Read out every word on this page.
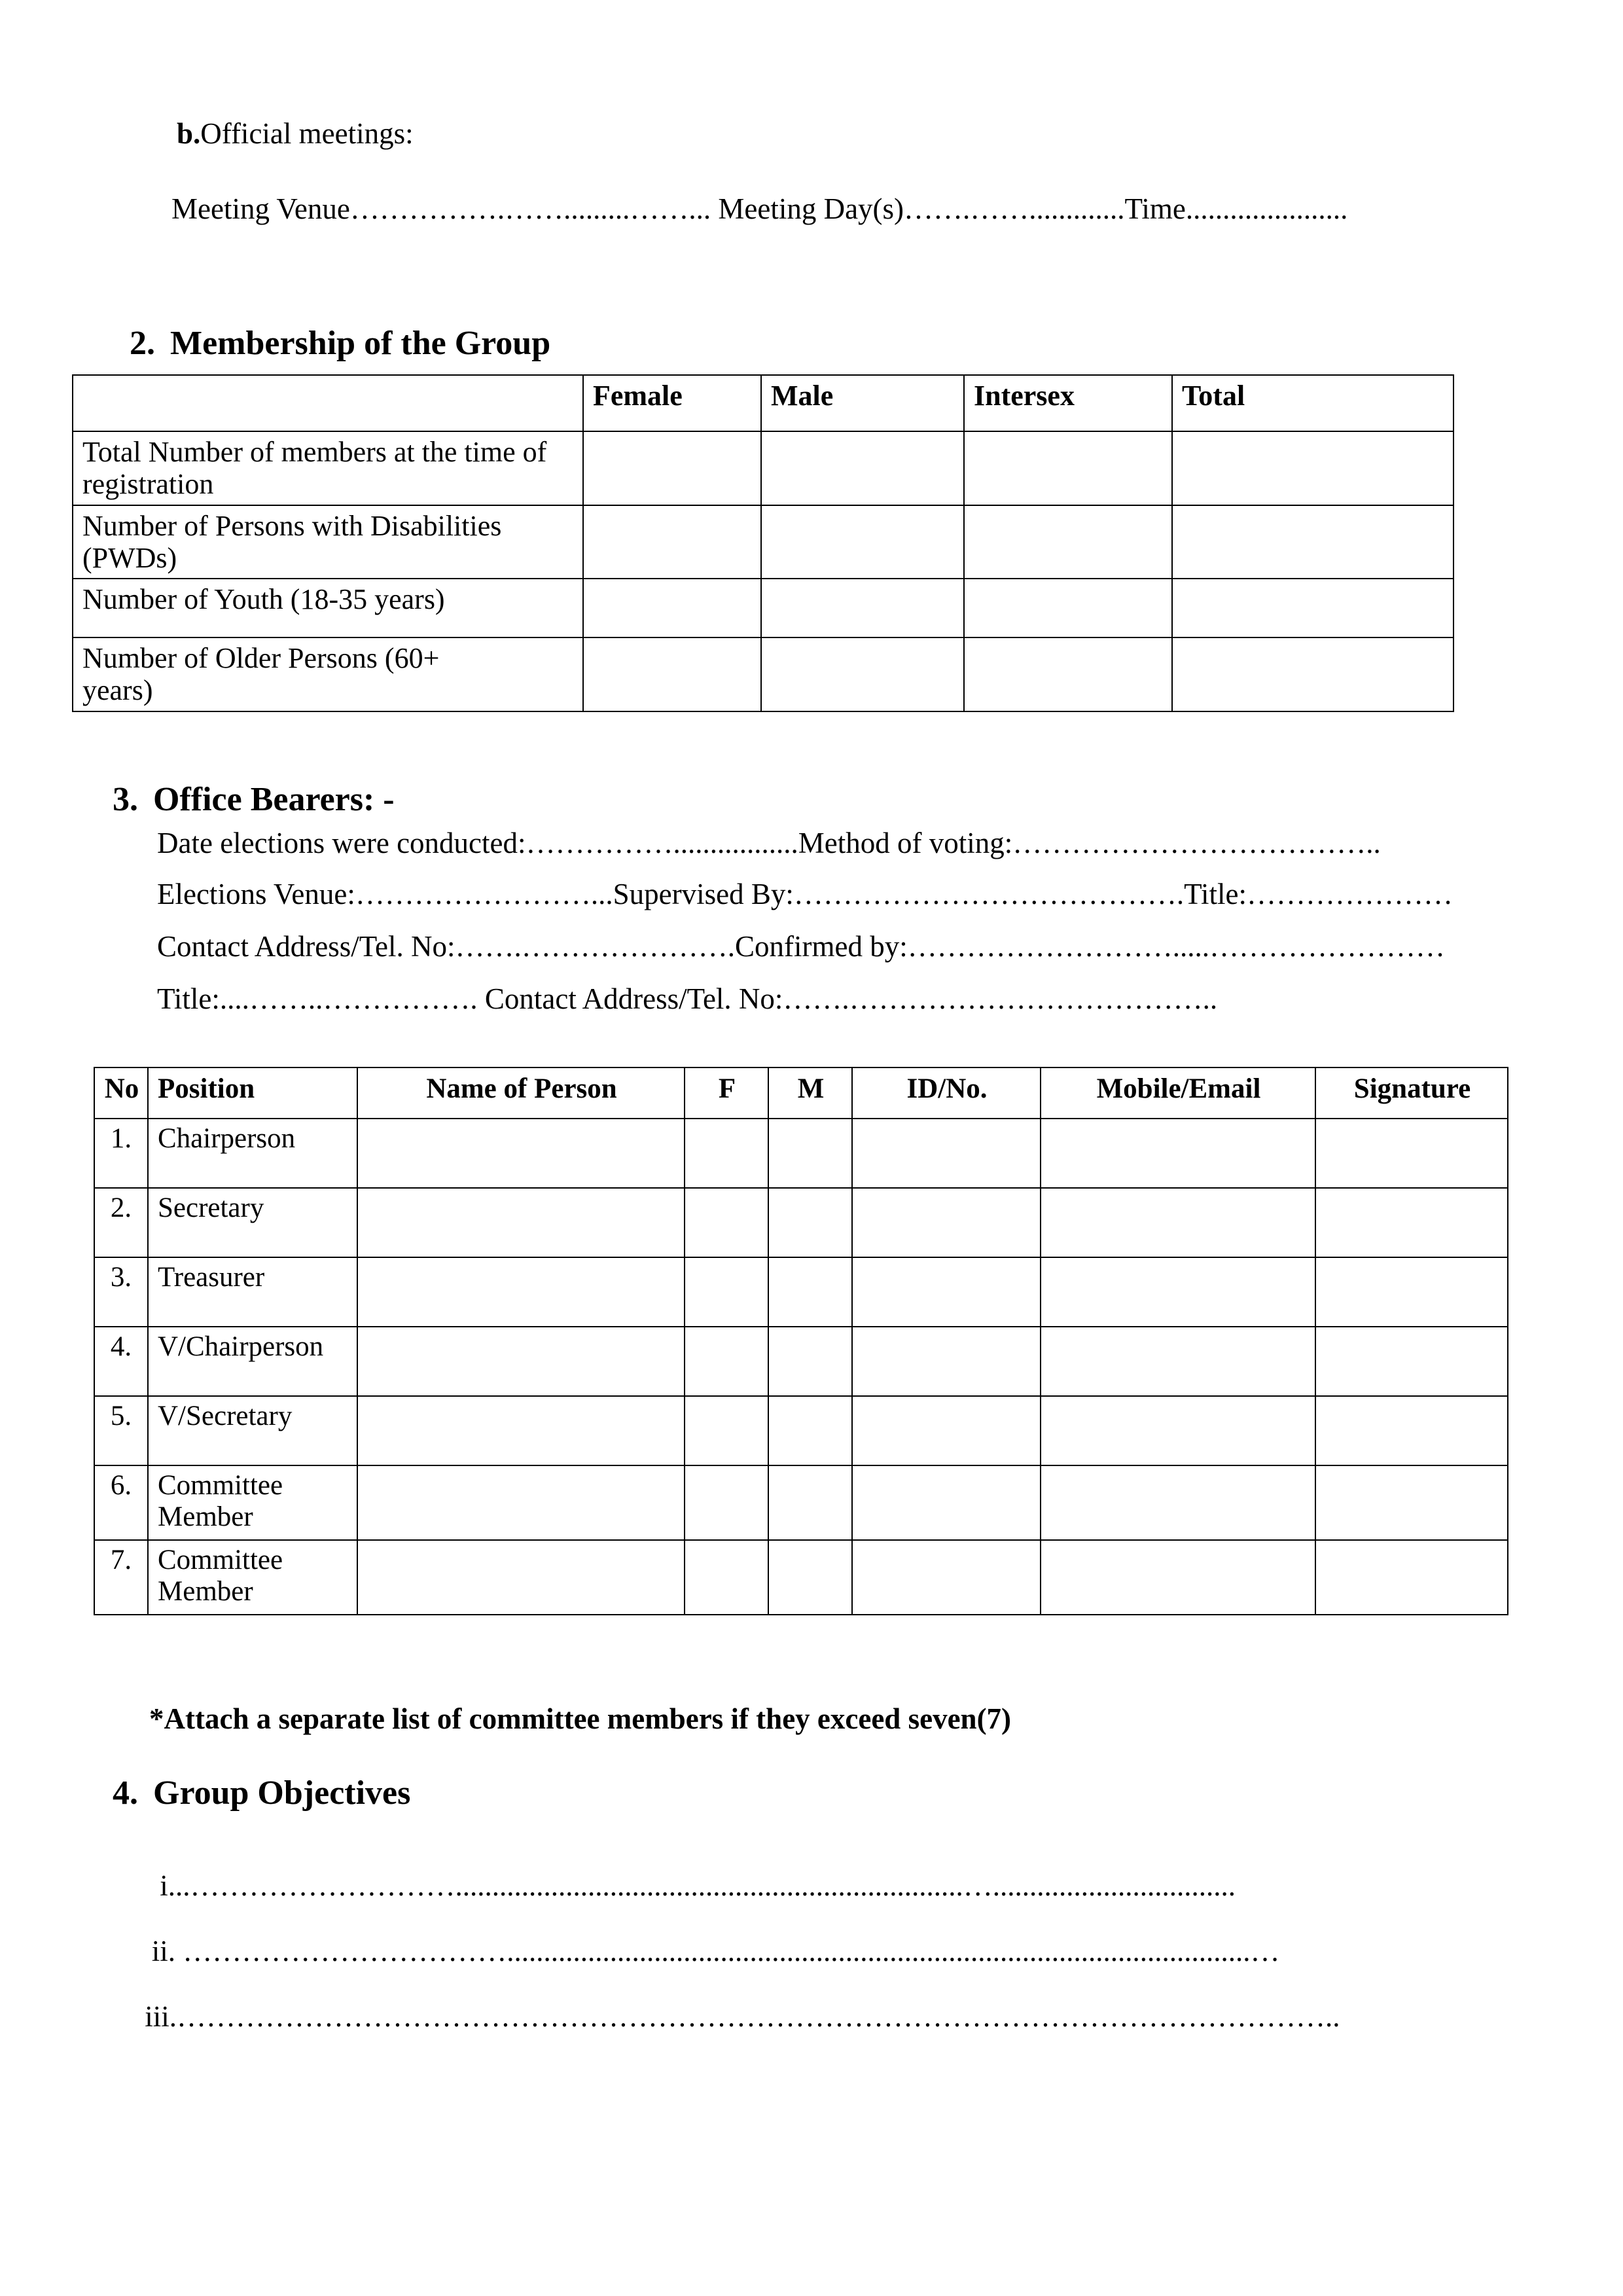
b.Official meetings:
Meeting Venue…………….…….........……... Meeting Day(s)…….…….............Time......................
2. Membership of the Group
	Female	Male	Intersex	Total
Total Number of members at the time of registration				
Number of Persons with Disabilities (PWDs)				
Number of Youth (18-35 years)				
Number of Older Persons (60+ years)				
3. Office Bearers: -
Date elections were conducted:…………….................Method of voting:………………………………..
Elections Venue:……………………...Supervised By:………………………………….Title:…………………
Contact Address/Tel. No:…….………………….Confirmed by:……………………….....……………………
Title:....……..……………. Contact Address/Tel. No:…….………………………………..
No	Position	Name of Person	F	M	ID/No.	Mobile/Email	Signature
1.	Chairperson						
2.	Secretary						
3.	Treasurer						
4.	V/Chairperson						
5.	V/Secretary						
6.	Committee Member						
7.	Committee Member						
*Attach a separate list of committee members if they exceed seven(7)
4. Group Objectives
i...……………………….....................................................................….................................
ii. …………………………….....................................................................................................…
iii.………………………………………………………………………………………………………..
